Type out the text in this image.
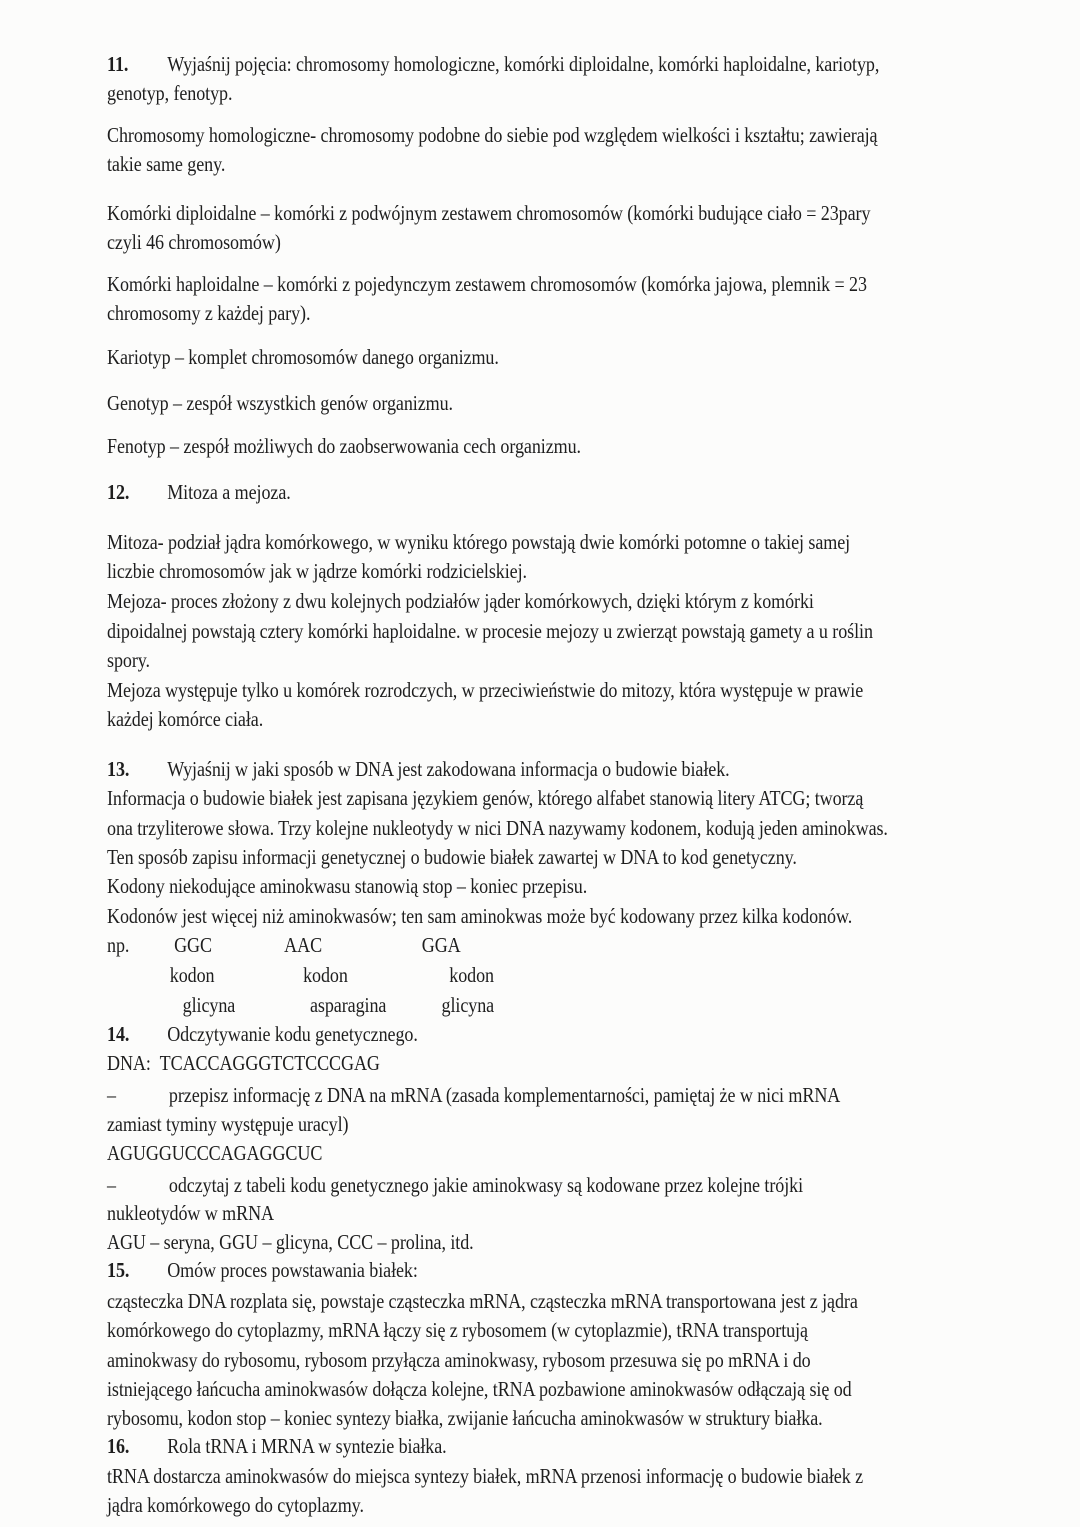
11. Wyjaśnij pojęcia: chromosomy homologiczne, komórki diploidalne, komórki haploidalne, kariotyp,
genotyp, fenotyp.
Chromosomy homologiczne- chromosomy podobne do siebie pod względem wielkości i kształtu; zawierają
takie same geny.
Komórki diploidalne – komórki z podwójnym zestawem chromosomów (komórki budujące ciało = 23pary
czyli 46 chromosomów)
Komórki haploidalne – komórki z pojedynczym zestawem chromosomów (komórka jajowa, plemnik = 23
chromosomy z każdej pary).
Kariotyp – komplet chromosomów danego organizmu.
Genotyp – zespół wszystkich genów organizmu.
Fenotyp – zespół możliwych do zaobserwowania cech organizmu.
12. Mitoza a mejoza.
Mitoza- podział jądra komórkowego, w wyniku którego powstają dwie komórki potomne o takiej samej
liczbie chromosomów jak w jądrze komórki rodzicielskiej.
Mejoza- proces złożony z dwu kolejnych podziałów jąder komórkowych, dzięki którym z komórki
dipoidalnej powstają cztery komórki haploidalne. w procesie mejozy u zwierząt powstają gamety a u roślin
spory.
Mejoza występuje tylko u komórek rozrodczych, w przeciwieństwie do mitozy, która występuje w prawie
każdej komórce ciała.
13. Wyjaśnij w jaki sposób w DNA jest zakodowana informacja o budowie białek.
Informacja o budowie białek jest zapisana językiem genów, którego alfabet stanowią litery ATCG; tworzą
ona trzyliterowe słowa. Trzy kolejne nukleotydy w nici DNA nazywamy kodonem, kodują jeden aminokwas.
Ten sposób zapisu informacji genetycznej o budowie białek zawartej w DNA to kod genetyczny.
Kodony niekodujące aminokwasu stanowią stop – koniec przepisu.
Kodonów jest więcej niż aminokwasów; ten sam aminokwas może być kodowany przez kilka kodonów.
np. GGC	AAC	GGA
kodon	kodon	kodon
glicyna	asparagina	glicyna
14. Odczytywanie kodu genetycznego.
DNA: TCACCAGGGTCTCCCGAG
–	przepisz informację z DNA na mRNA (zasada komplementarności, pamiętaj że w nici mRNA
zamiast tyminy występuje uracyl)
AGUGGUCCCAGAGGCUC
–	odczytaj z tabeli kodu genetycznego jakie aminokwasy są kodowane przez kolejne trójki
nukleotydów w mRNA
AGU – seryna, GGU – glicyna, CCC – prolina, itd.
15. Omów proces powstawania białek:
cząsteczka DNA rozplata się, powstaje cząsteczka mRNA, cząsteczka mRNA transportowana jest z jądra
komórkowego do cytoplazmy, mRNA łączy się z rybosomem (w cytoplazmie), tRNA transportują
aminokwasy do rybosomu, rybosom przyłącza aminokwasy, rybosom przesuwa się po mRNA i do
istniejącego łańcucha aminokwasów dołącza kolejne, tRNA pozbawione aminokwasów odłączają się od
rybosomu, kodon stop – koniec syntezy białka, zwijanie łańcucha aminokwasów w struktury białka.
16. Rola tRNA i MRNA w syntezie białka.
tRNA dostarcza aminokwasów do miejsca syntezy białek, mRNA przenosi informację o budowie białek z
jądra komórkowego do cytoplazmy.
